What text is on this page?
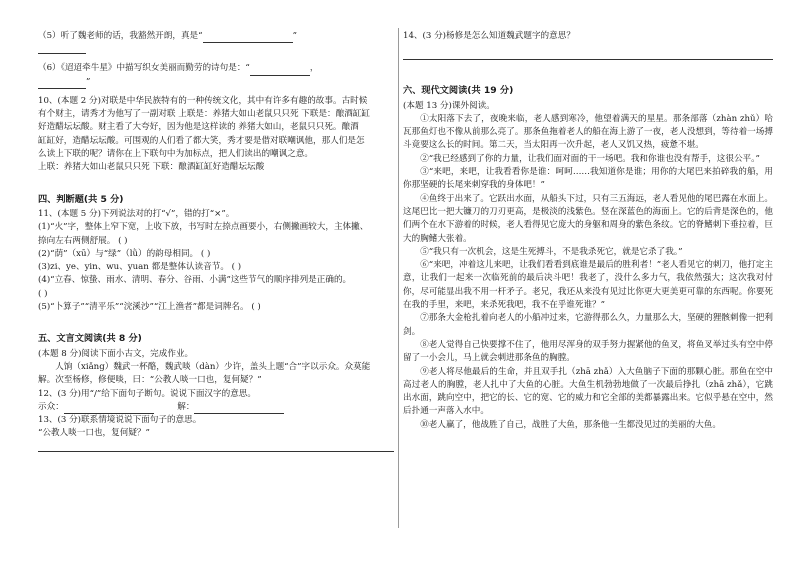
（5）听了魏老师的话，我豁然开朗，真是“	”
（6）《迢迢牵牛星》中描写织女美丽而勤劳的诗句是：“	，
”
10、(本题 2 分)对联是中华民族特有的一种传统文化，其中有许多有趣的故事。古时候
有个财主，请秀才为他写了一副对联 上联是：养猪大如山老鼠只只死 下联是：酿酒缸缸
好造醋坛坛酸。财主看了大夸好，因为他是这样读的 养猪大如山，老鼠只只死。酿酒
缸缸好，造醋坛坛酸。可围观的人们看了都大笑，秀才要是借对联嘲讽他，那人们是怎
么读上下联的呢？请你在上下联句中为加标点，把人们读出的嘲讽之意。
上联：养猪大如山老鼠只只死 下联：酿酒缸缸好造醋坛坛酸
四、判断题(共 5 分)
11、(本题 5 分)下列说法对的打“√”，错的打“×”。
(1)“火”字，整体上窄下宽，上收下放，书写时左捺点画要小，右侧撇画较大，主体撇、
捺向左右两侧舒展。 ( )
(2)“荫”（xū）与“绿”（lǜ）的韵母相同。 ( )
(3)zi、ye、yin、wu、yuan 都是整体认读音节。 ( )
(4)“立春、惊蛰、雨水、清明、春分、谷雨、小满”这些节气的顺序排列是正确的。
( )
(5)“卜算子”“清平乐”“浣溪沙”“江上渔者”都是词牌名。 ( )
五、文言文阅读(共 8 分)
(本题 8 分)阅读下面小古文，完成作业。
人饷（xiǎng）魏武一杯酪，魏武啖（dàn）少许，盖头上题“合”字以示众。众莫能
解。次至杨修，修便啖，曰：“公教人啖一口也，复何疑？”
12、(3 分)用“/”给下面句子断句。说说下面汉字的意思。
示众：	解：
13、(3 分)联系情境说说下面句子的意思。
“公教人啖一口也，复何疑？”
14、(3 分)杨修是怎么知道魏武题字的意思？
六、现代文阅读(共 19 分)
(本题 13 分)课外阅读。
①太阳落下去了，夜晚来临，老人感到寒冷，他望着满天的星星。那条部落（zhàn zhǔ）哈瓦那鱼灯也不像从前那么亮了。那条鱼拖着老人的船在海上游了一夜，老人没想到，等待着一场搏斗竟要这么长的时间。第二天，当太阳再一次升起，老人又饥又热，疲惫不堪。
②“我已经感到了你的力量，让我们面对面的干一场吧。我和你谁也没有帮手，这很公平。”
③“来吧，来吧，让我看看你是谁：呵呵……我知道你是谁；用你的大尾巴来拍碎我的船，用你那坚硬的长尾来刺穿我的身体吧！”
④鱼终于出来了。它跃出水面，从船头下过，只有三五海远，老人看见他的尾巴露在水面上。这尾巴比一把大镰刀的刀刃更高，是极淡的浅紫色。竖在深蓝色的海面上。它的后背是深色的，他们两个在水下游着的时候，老人看得见它庞大的身躯和周身的紫色条纹。它的脊鳍刺下垂拉着，巨大的胸鳍大张着。
⑤“我只有一次机会，这是生死搏斗，不是我杀死它，就是它杀了我。”
⑥“来吧，冲着这儿来吧，让我们看看到底谁是最后的胜利者！”老人看见它的刺刀，他打定主意，让我们一起来一次临死前的最后决斗吧！我老了，没什么多力气，我依然强大；这次我对付你，尽可能显出我不用一杆矛子。老兄，我还从来没有见过比你更大更美更可靠的东西呢。你要死在我的手里，来吧，来杀死我吧，我不在乎谁死谁？”
⑦那条大金枪扎着向老人的小船冲过来，它游得那么久，力量那么大，坚硬的狸骸刺像一把利剑。
⑧老人觉得自己快要撑不住了，他用尽浑身的双手努力握紧他的鱼叉，将鱼叉举过头有空中停留了一小会儿，马上就会刺进那条鱼的胸膛。
⑨老人将尽他最后的生命，并且双手扎（zhā zhǎ）入大鱼脑子下面的那颗心脏。那鱼在空中高过老人的胸膛，老人扎中了大鱼的心脏。大鱼生机勃勃地做了一次最后挣扎（zhā zhǎ），它跳出水面，跳向空中，把它的长、它的宽、它的威力和它全部的美都暴露出来。它似乎悬在空中，然后扑通一声落入水中。
⑩老人赢了，他战胜了自己，战胜了大鱼，那条他一生都没见过的美丽的大鱼。
